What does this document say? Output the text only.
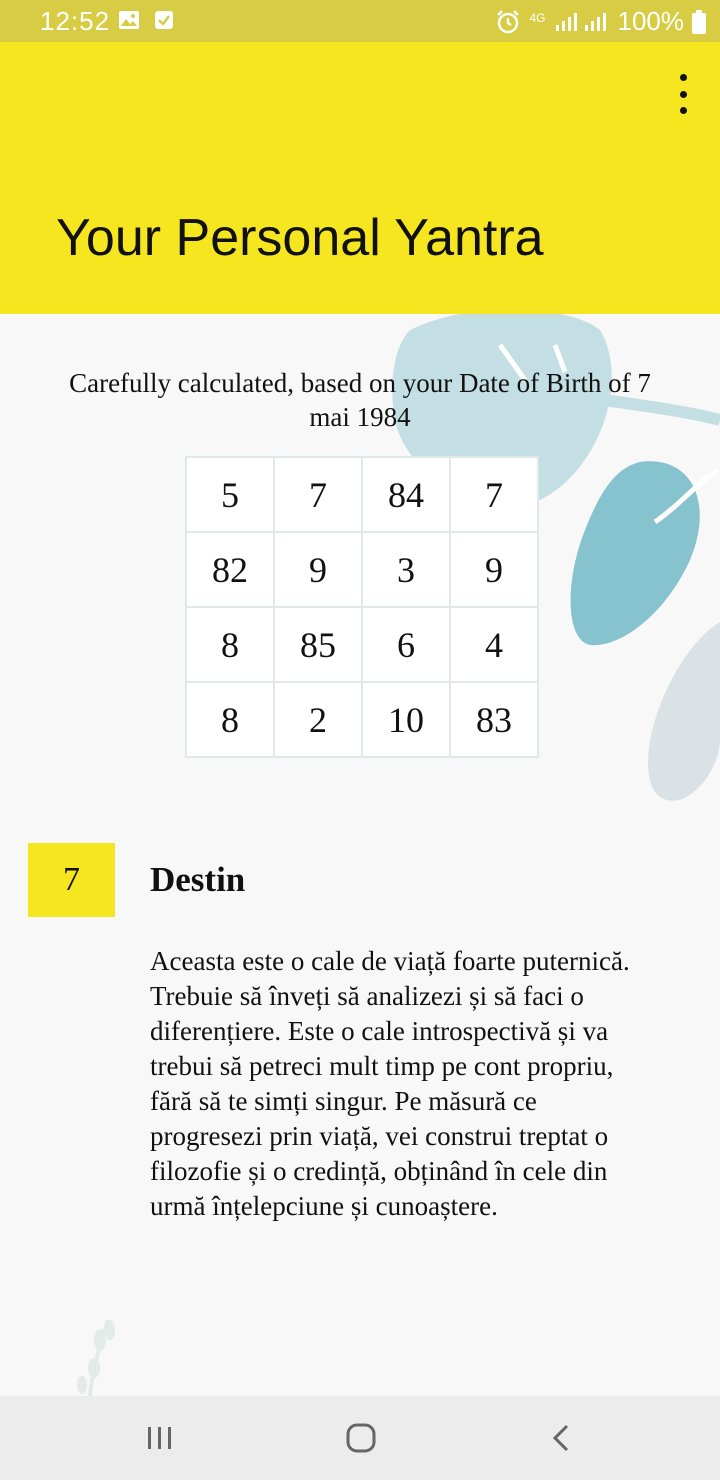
12:52	4G	100%
Your Personal Yantra
Carefully calculated, based on your Date of Birth of 7 mai 1984
5	7	84	7
82	9	3	9
8	85	6	4
8	2	10	83
7	Destin

Aceasta este o cale de viață foarte puternică. Trebuie să înveți să analizezi și să faci o diferențiere. Este o cale introspectivă și va trebui să petreci mult timp pe cont propriu, fără să te simți singur. Pe măsură ce progresezi prin viață, vei construi treptat o filozofie și o credință, obținând în cele din urmă înțelepciune și cunoaștere.
